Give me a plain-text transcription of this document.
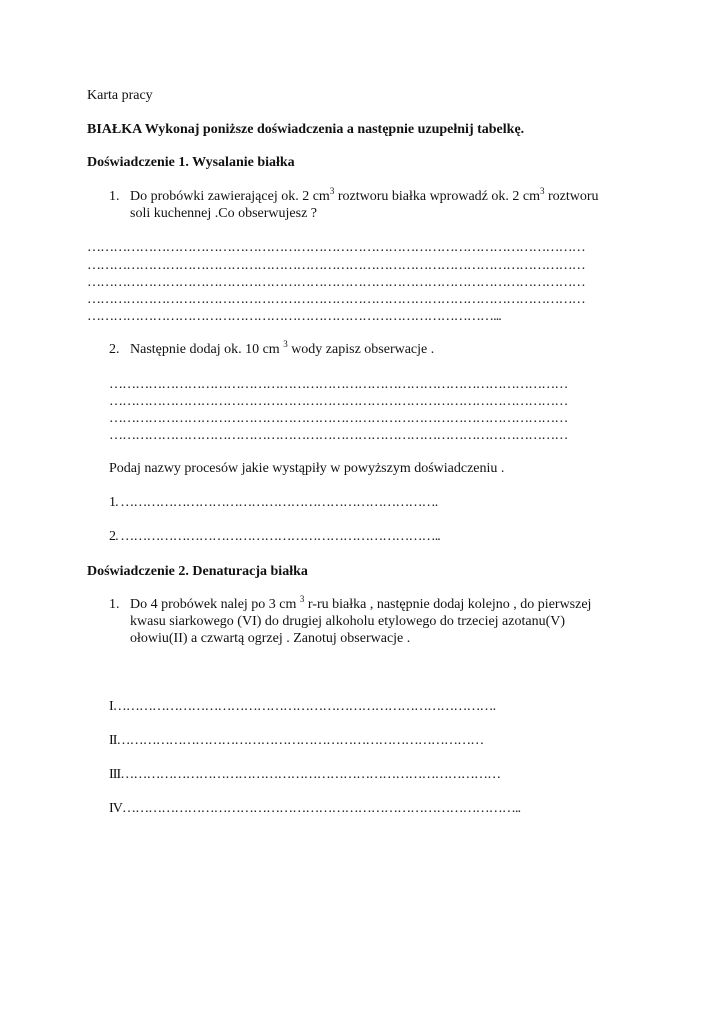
Karta pracy
BIAŁKA Wykonaj poniższe doświadczenia a następnie uzupełnij tabelkę.
Doświadczenie 1. Wysalanie białka
1. Do probówki zawierającej ok. 2 $cm^3$ roztworu białka wprowadź ok. 2 $cm^3$ roztworu
soli kuchennej .Co obserwujesz ?
……………………………………………………………………………………………………
……………………………………………………………………………………………………
……………………………………………………………………………………………………
……………………………………………………………………………………………………
…………………………………………………………………………………...
2. Następnie dodaj ok. 10 cm $^3$ wody zapisz obserwacje .
……………………………………………………………………………………………
……………………………………………………………………………………………
……………………………………………………………………………………………
……………………………………………………………………………………………
Podaj nazwy procesów jakie wystąpiły w powyższym doświadczeniu .
1. ……………………………………………………………….
2. ………………………………………………………………..
Doświadczenie 2. Denaturacja białka
1. Do 4 probówek nalej po 3 cm $^3$ r-ru białka , następnie dodaj kolejno , do pierwszej
kwasu siarkowego (VI) do drugiej alkoholu etylowego do trzeciej azotanu(V)
ołowiu(II) a czwartą ogrzej . Zanotuj obserwacje .
I…………………………………………………………………………….
II…………………………………………………………………………
III……………………………………………………………………………
IV………………………………………………………………………………..
